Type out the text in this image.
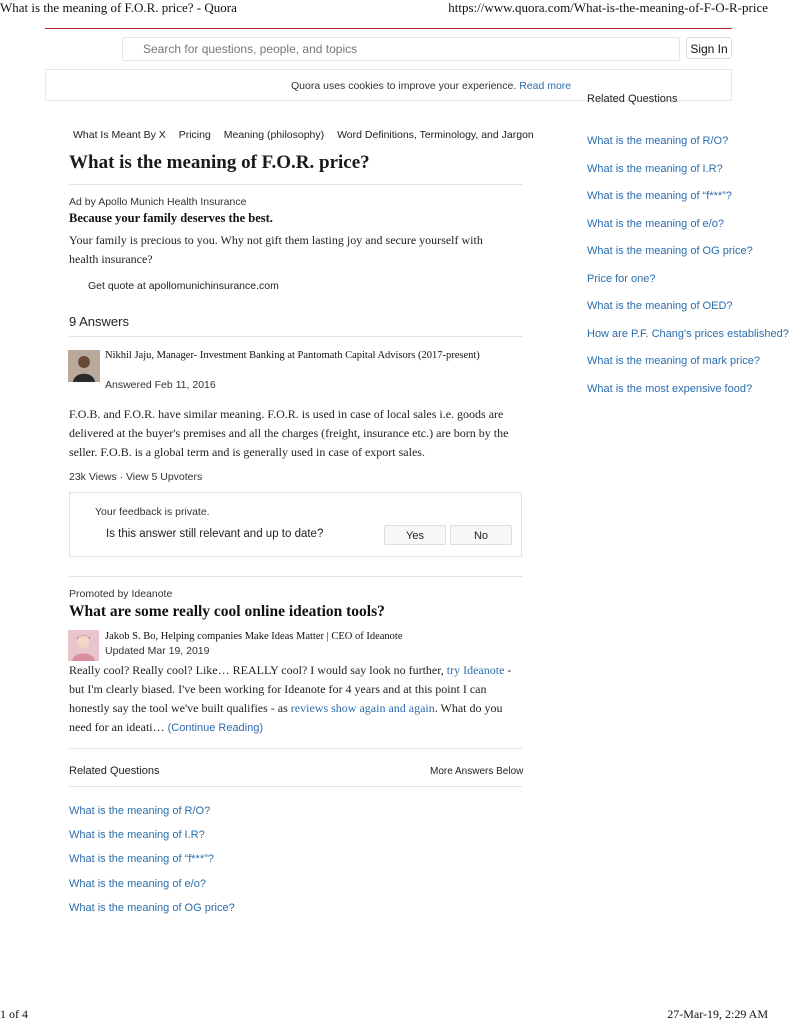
What is the meaning of F.O.R. price? - Quora	https://www.quora.com/What-is-the-meaning-of-F-O-R-price
Search for questions, people, and topics
Sign In
Quora uses cookies to improve your experience. Read more
What Is Meant By X Pricing Meaning (philosophy) Word Definitions, Terminology, and Jargon
What is the meaning of F.O.R. price?
Ad by Apollo Munich Health Insurance
Because your family deserves the best.
Your family is precious to you. Why not gift them lasting joy and secure yourself with health insurance?
Get quote at apollomunichinsurance.com
9 Answers
Nikhil Jaju, Manager- Investment Banking at Pantomath Capital Advisors (2017-present)
Answered Feb 11, 2016
F.O.B. and F.O.R. have similar meaning. F.O.R. is used in case of local sales i.e. goods are delivered at the buyer's premises and all the charges (freight, insurance etc.) are born by the seller. F.O.B. is a global term and is generally used in case of export sales.
23k Views · View 5 Upvoters
Your feedback is private.
Is this answer still relevant and up to date?	Yes	No
Promoted by Ideanote
What are some really cool online ideation tools?
Jakob S. Bo, Helping companies Make Ideas Matter | CEO of Ideanote
Updated Mar 19, 2019
Really cool? Really cool? Like… REALLY cool? I would say look no further, try Ideanote - but I'm clearly biased. I've been working for Ideanote for 4 years and at this point I can honestly say the tool we've built qualifies - as reviews show again and again. What do you need for an ideati… (Continue Reading)
Related Questions	More Answers Below
What is the meaning of R/O?
What is the meaning of I.R?
What is the meaning of “f***”?
What is the meaning of e/o?
What is the meaning of OG price?
Related Questions
What is the meaning of R/O?
What is the meaning of I.R?
What is the meaning of “f***”?
What is the meaning of e/o?
What is the meaning of OG price?
Price for one?
What is the meaning of OED?
How are P.F. Chang's prices established?
What is the meaning of mark price?
What is the most expensive food?
1 of 4	27-Mar-19, 2:29 AM
